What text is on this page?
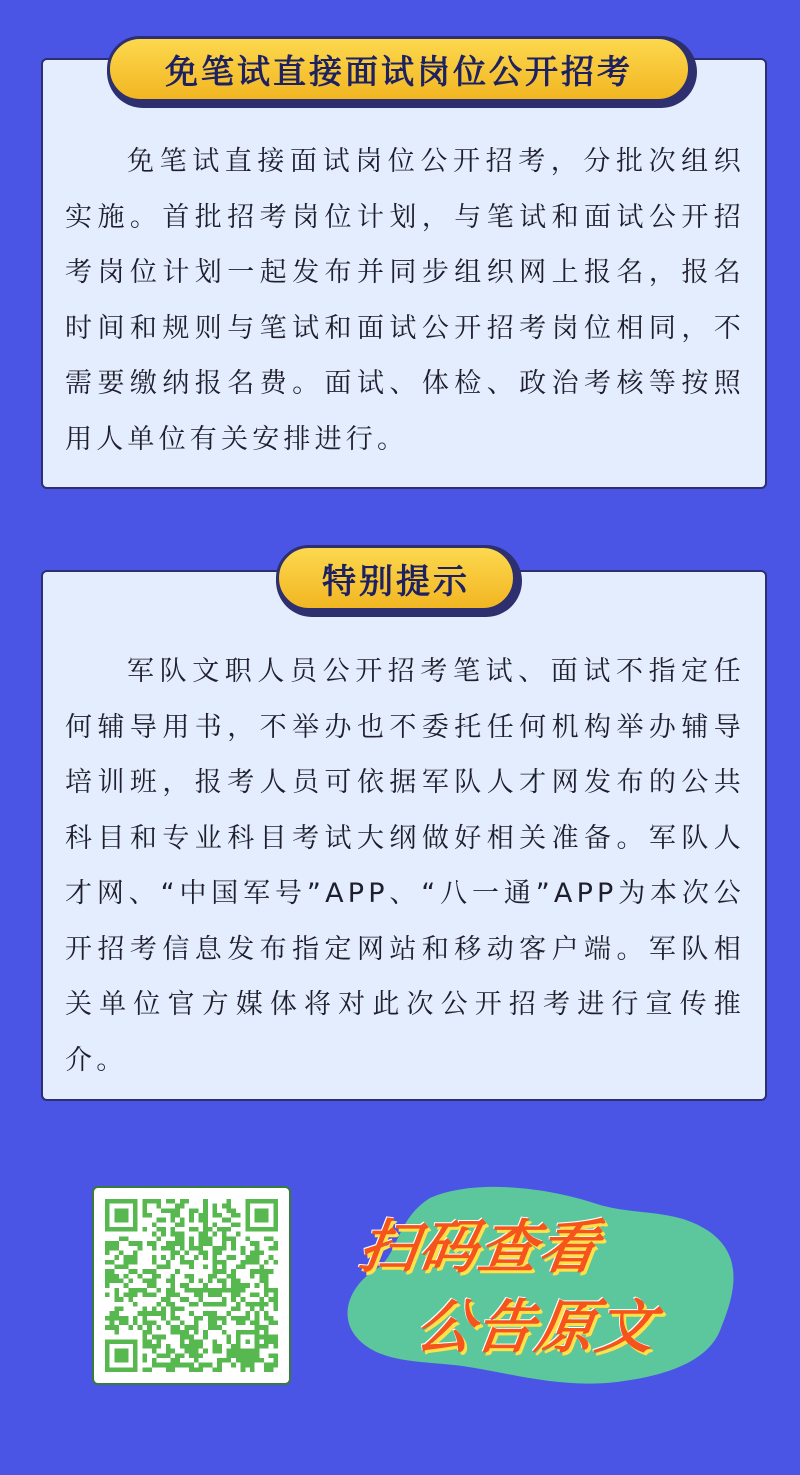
免笔试直接面试岗位公开招考

免笔试直接面试岗位公开招考，分批次组织实施。首批招考岗位计划，与笔试和面试公开招考岗位计划一起发布并同步组织网上报名，报名时间和规则与笔试和面试公开招考岗位相同，不需要缴纳报名费。面试、体检、政治考核等按照用人单位有关安排进行。

特别提示

军队文职人员公开招考笔试、面试不指定任何辅导用书，不举办也不委托任何机构举办辅导培训班，报考人员可依据军队人才网发布的公共科目和专业科目考试大纲做好相关准备。军队人才网、“中国军号”APP、“八一通”APP为本次公开招考信息发布指定网站和移动客户端。军队相关单位官方媒体将对此次公开招考进行宣传推介。

扫码查看
公告原文
